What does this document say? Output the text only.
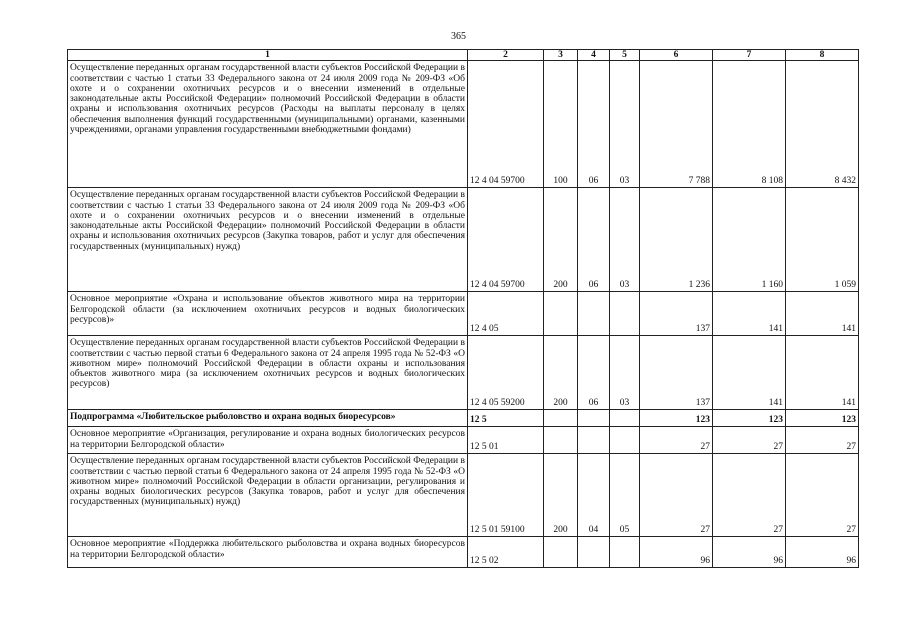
365
1	2	3	4	5	6	7	8
Осуществление переданных органам государственной власти субъектов Российской Федерации в соответствии с частью 1 статьи 33 Федерального закона от 24 июля 2009 года № 209-ФЗ «Об охоте и о сохранении охотничьих ресурсов и о внесении изменений в отдельные законодательные акты Российской Федерации» полномочий Российской Федерации в области охраны и использования охотничьих ресурсов (Расходы на выплаты персоналу в целях обеспечения выполнения функций государственными (муниципальными) органами, казенными учреждениями, органами управления государственными внебюджетными фондами)	12 4 04 59700	100	06	03	7 788	8 108	8 432
Осуществление переданных органам государственной власти субъектов Российской Федерации в соответствии с частью 1 статьи 33 Федерального закона от 24 июля 2009 года № 209-ФЗ «Об охоте и о сохранении охотничьих ресурсов и о внесении изменений в отдельные законодательные акты Российской Федерации» полномочий Российской Федерации в области охраны и использования охотничьих ресурсов (Закупка товаров, работ и услуг для обеспечения государственных (муниципальных) нужд)	12 4 04 59700	200	06	03	1 236	1 160	1 059
Основное мероприятие «Охрана и использование объектов животного мира на территории Белгородской области (за исключением охотничьих ресурсов и водных биологических ресурсов)»	12 4 05				137	141	141
Осуществление переданных органам государственной власти субъектов Российской Федерации в соответствии с частью первой статьи 6 Федерального закона от 24 апреля 1995 года № 52-ФЗ «О животном мире» полномочий Российской Федерации в области охраны и использования объектов животного мира (за исключением охотничьих ресурсов и водных биологических ресурсов)	12 4 05 59200	200	06	03	137	141	141
Подпрограмма «Любительское рыболовство и охрана водных биоресурсов»	12 5				123	123	123
Основное мероприятие «Организация, регулирование и охрана водных биологических ресурсов на территории Белгородской области»	12 5 01				27	27	27
Осуществление переданных органам государственной власти субъектов Российской Федерации в соответствии с частью первой статьи 6 Федерального закона от 24 апреля 1995 года № 52-ФЗ «О животном мире» полномочий Российской Федерации в области организации, регулирования и охраны водных биологических ресурсов (Закупка товаров, работ и услуг для обеспечения государственных (муниципальных) нужд)	12 5 01 59100	200	04	05	27	27	27
Основное мероприятие «Поддержка любительского рыболовства и охрана водных биоресурсов на территории Белгородской области»	12 5 02				96	96	96
